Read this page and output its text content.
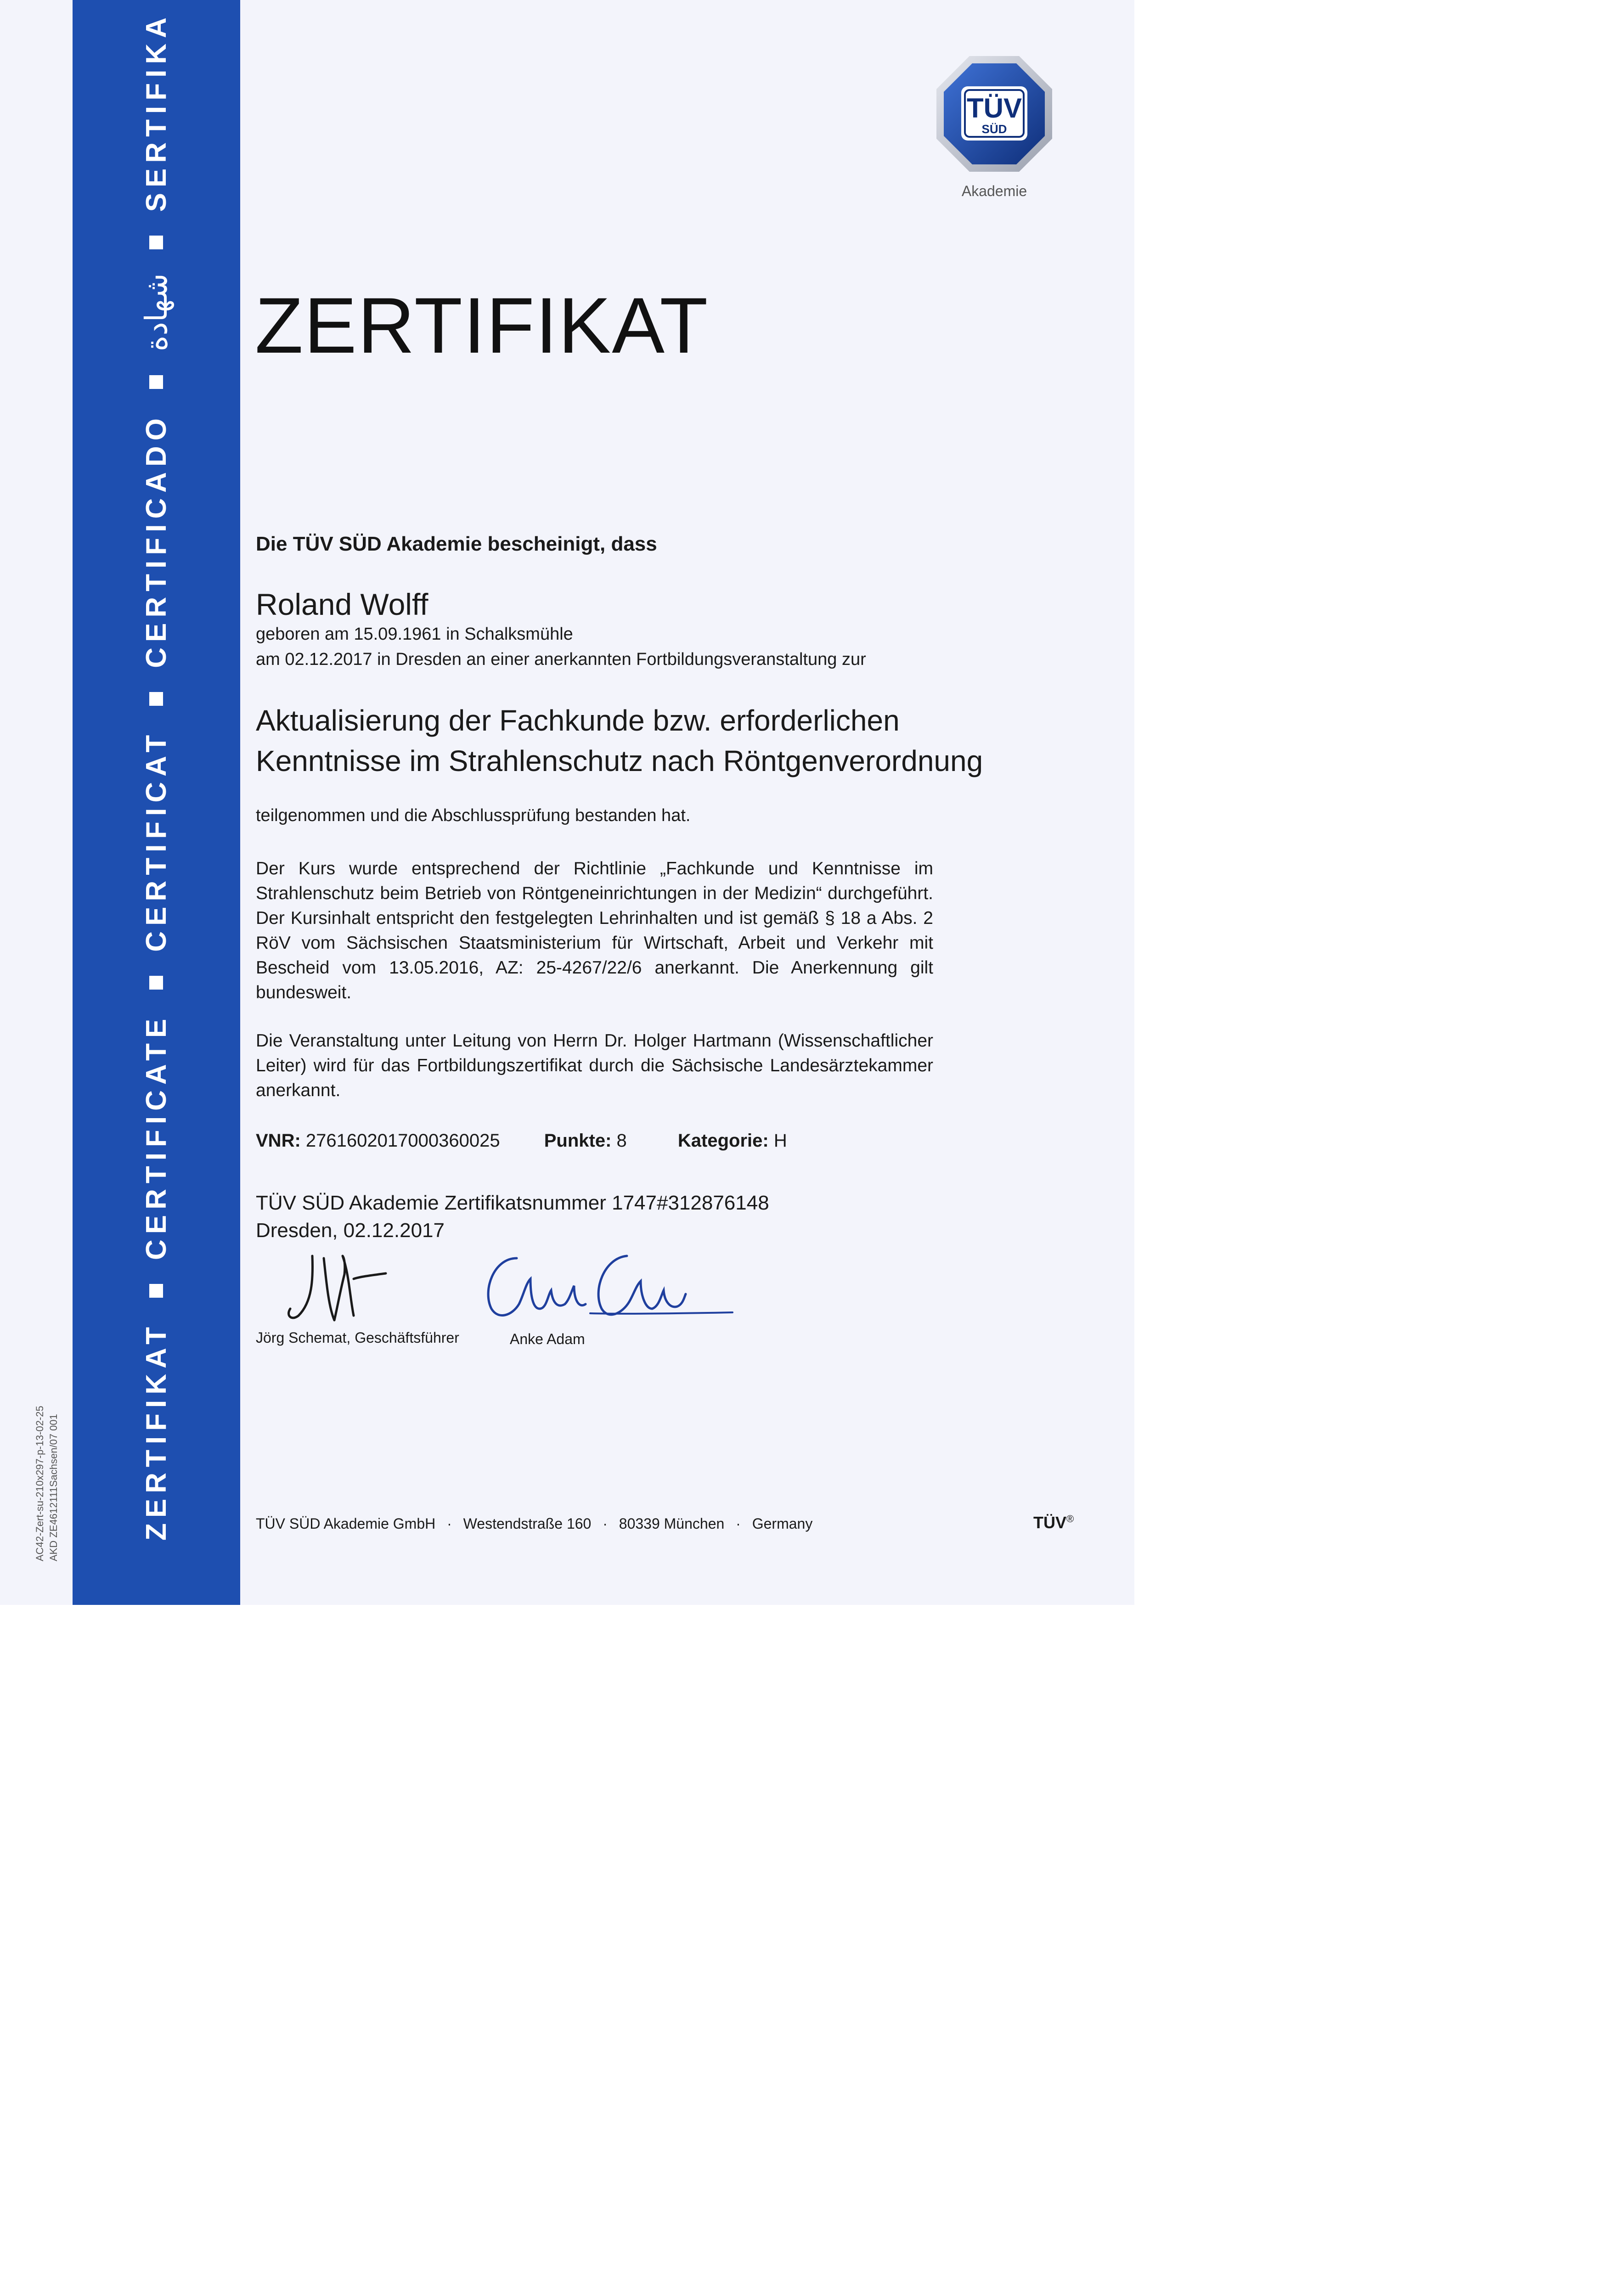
AC42-Zert-su-210x297-p-13-02-25 AKD ZE4612111Sachsen/07 001	ZERTIFIKAT
CERTIFICATE
CERTIFICAT
CERTIFICADO
شهادة
SERTIFIKA	TÜV
SÜD
Akademie
ZERTIFIKAT
Die TÜV SÜD Akademie bescheinigt, dass
Roland Wolff
geboren am 15.09.1961 in Schalksmühle
am 02.12.2017 in Dresden an einer anerkannten Fortbildungsveranstaltung zur
Aktualisierung der Fachkunde bzw. erforderlichen
Kenntnisse im Strahlenschutz nach Röntgenverordnung
teilgenommen und die Abschlussprüfung bestanden hat.
Der Kurs wurde entsprechend der Richtlinie „Fachkunde und Kenntnisse im Strahlenschutz beim Betrieb von Röntgeneinrichtungen in der Medizin“ durchgeführt. Der Kursinhalt entspricht den festgelegten Lehrinhalten und ist gemäß § 18 a Abs. 2 RöV vom Sächsischen Staatsministerium für Wirtschaft, Arbeit und Verkehr mit Bescheid vom 13.05.2016, AZ: 25-4267/22/6 anerkannt. Die Anerkennung gilt bundesweit.
Die Veranstaltung unter Leitung von Herrn Dr. Holger Hartmann (Wissenschaftlicher Leiter) wird für das Fortbildungszertifikat durch die Sächsische Landesärztekammer anerkannt.
VNR: 2761602017000360025 Punkte: 8	Kategorie: H
TÜV SÜD Akademie Zertifikatsnummer 1747#312876148
Dresden, 02.12.2017
Jörg Schemat, Geschäftsführer	Anke Adam
TÜV SÜD Akademie GmbH · Westendstraße 160 · 80339 München · Germany	TÜV®
